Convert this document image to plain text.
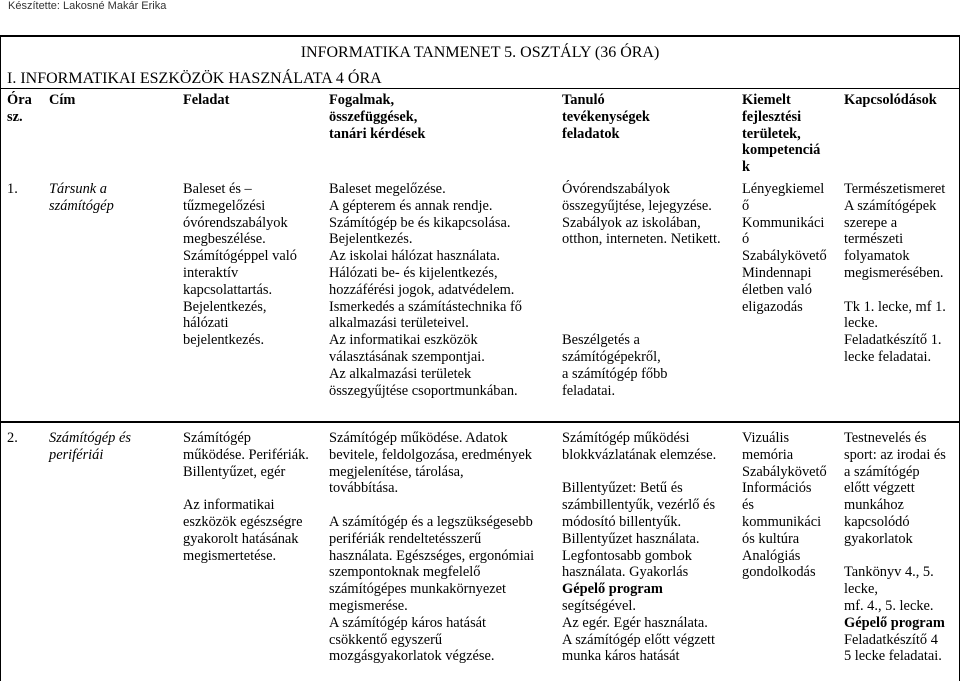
Készítette: Lakosné Makár Erika
INFORMATIKA TANMENET 5. OSZTÁLY (36 ÓRA)
I. INFORMATIKAI ESZKÖZÖK HASZNÁLATA 4 ÓRA
Óra
sz.
Cím	Feladat	Fogalmak,
összefüggések,
tanári kérdések
Tanuló
tevékenységek
feladatok
Kiemelt
fejlesztési
területek,
kompetenciá
k
Kapcsolódások
1. Társunk a
számítógép
Baleset és –
tűzmegelőzési
óvórendszabályok
megbeszélése.
Számítógéppel való
interaktív
kapcsolattartás.
Bejelentkezés,
hálózati
bejelentkezés.
Baleset megelőzése.
A gépterem és annak rendje.
Számítógép be és kikapcsolása.
Bejelentkezés.
Az iskolai hálózat használata.
Hálózati be- és kijelentkezés,
hozzáférési jogok, adatvédelem.
Ismerkedés a számítástechnika fő
alkalmazási területeivel.
Az informatikai eszközök
választásának szempontjai.
Az alkalmazási területek
összegyűjtése csoportmunkában.
Óvórendszabályok
összegyűjtése, lejegyzése.
Szabályok az iskolában,
otthon, interneten. Netikett.

Beszélgetés a
számítógépekről,
a számítógép főbb
feladatai.
Lényegkiemel
ő
Kommunikáci
ó
Szabálykövető
Mindennapi
életben való
eligazodás
Természetismeret
A számítógépek
szerepe a
természeti
folyamatok
megismerésében.

Tk 1. lecke, mf 1.
lecke.
Feladatkészítő 1.
lecke feladatai.
2. Számítógép és
perifériái
Számítógép
működése. Perifériák.
Billentyűzet, egér

Az informatikai
eszközök egészségre
gyakorolt hatásának
megismertetése.
Számítógép működése. Adatok
bevitele, feldolgozása, eredmények
megjelenítése, tárolása,
továbbítása.

A számítógép és a legszükségesebb
perifériák rendeltetésszerű
használata. Egészséges, ergonómiai
szempontoknak megfelelő
számítógépes munkakörnyezet
megismerése.
A számítógép káros hatását
csökkentő egyszerű
mozgásgyakorlatok végzése.
Számítógép működési
blokkvázlatának elemzése.

Billentyűzet: Betű és
számbillentyűk, vezérlő és
módosító billentyűk.
Billentyűzet használata.
Legfontosabb gombok
használata. Gyakorlás
Gépelő program
segítségével.
Az egér. Egér használata.
A számítógép előtt végzett
munka káros hatását
Vizuális
memória
Szabálykövető
Információs
és
kommunikáci
ós kultúra
Analógiás
gondolkodás
Testnevelés és
sport: az irodai és
a számítógép
előtt végzett
munkához
kapcsolódó
gyakorlatok

Tankönyv 4., 5.
lecke,
mf. 4., 5. lecke.
Gépelő program
Feladatkészítő 4
5 lecke feladatai.
